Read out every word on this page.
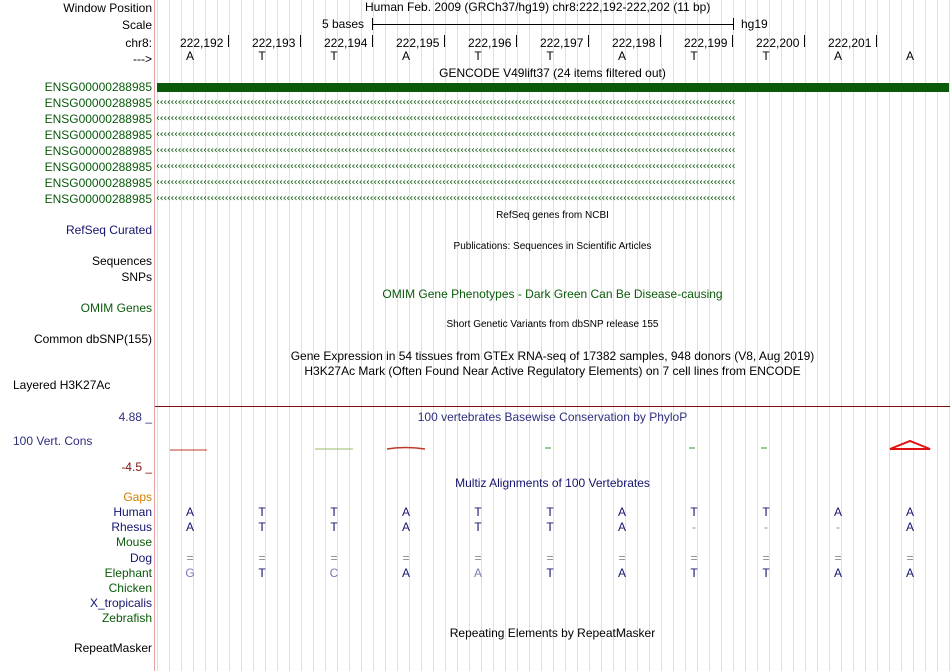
Window Position
Scale
chr8:
--->
Human Feb. 2009 (GRCh37/hg19) chr8:222,192-222,202 (11 bp)
5 bases	hg19
222,192 222,193 222,194 222,195 222,196 222,197 222,198 222,199 222,200 222,201
A	T	T	A	T	T	A	T	T	A	A
GENCODE V49lift37 (24 items filtered out)
ENSG00000288985
ENSG00000288985 ‹‹‹‹‹‹‹‹‹‹‹‹‹‹‹‹‹‹‹‹‹‹‹‹‹‹‹‹‹‹‹‹‹‹‹‹‹‹‹‹‹‹‹‹‹‹‹‹‹‹‹‹‹‹‹‹‹‹‹‹‹‹‹‹‹‹‹‹‹‹‹‹‹‹‹‹‹‹‹‹‹‹‹‹‹‹‹‹‹‹‹‹‹‹‹‹‹‹‹‹‹‹‹‹‹‹‹‹‹‹‹‹‹‹‹‹‹‹‹‹‹‹‹‹‹‹‹‹‹‹‹‹‹‹‹‹‹‹‹‹‹‹‹‹‹‹‹‹‹‹‹‹‹‹‹‹‹‹‹‹
ENSG00000288985 ‹‹‹‹‹‹‹‹‹‹‹‹‹‹‹‹‹‹‹‹‹‹‹‹‹‹‹‹‹‹‹‹‹‹‹‹‹‹‹‹‹‹‹‹‹‹‹‹‹‹‹‹‹‹‹‹‹‹‹‹‹‹‹‹‹‹‹‹‹‹‹‹‹‹‹‹‹‹‹‹‹‹‹‹‹‹‹‹‹‹‹‹‹‹‹‹‹‹‹‹‹‹‹‹‹‹‹‹‹‹‹‹‹‹‹‹‹‹‹‹‹‹‹‹‹‹‹‹‹‹‹‹‹‹‹‹‹‹‹‹‹‹‹‹‹‹‹‹‹‹‹‹‹‹‹‹‹‹‹‹
ENSG00000288985 ‹‹‹‹‹‹‹‹‹‹‹‹‹‹‹‹‹‹‹‹‹‹‹‹‹‹‹‹‹‹‹‹‹‹‹‹‹‹‹‹‹‹‹‹‹‹‹‹‹‹‹‹‹‹‹‹‹‹‹‹‹‹‹‹‹‹‹‹‹‹‹‹‹‹‹‹‹‹‹‹‹‹‹‹‹‹‹‹‹‹‹‹‹‹‹‹‹‹‹‹‹‹‹‹‹‹‹‹‹‹‹‹‹‹‹‹‹‹‹‹‹‹‹‹‹‹‹‹‹‹‹‹‹‹‹‹‹‹‹‹‹‹‹‹‹‹‹‹‹‹‹‹‹‹‹‹‹‹‹‹
ENSG00000288985 ‹‹‹‹‹‹‹‹‹‹‹‹‹‹‹‹‹‹‹‹‹‹‹‹‹‹‹‹‹‹‹‹‹‹‹‹‹‹‹‹‹‹‹‹‹‹‹‹‹‹‹‹‹‹‹‹‹‹‹‹‹‹‹‹‹‹‹‹‹‹‹‹‹‹‹‹‹‹‹‹‹‹‹‹‹‹‹‹‹‹‹‹‹‹‹‹‹‹‹‹‹‹‹‹‹‹‹‹‹‹‹‹‹‹‹‹‹‹‹‹‹‹‹‹‹‹‹‹‹‹‹‹‹‹‹‹‹‹‹‹‹‹‹‹‹‹‹‹‹‹‹‹‹‹‹‹‹‹‹‹
ENSG00000288985 ‹‹‹‹‹‹‹‹‹‹‹‹‹‹‹‹‹‹‹‹‹‹‹‹‹‹‹‹‹‹‹‹‹‹‹‹‹‹‹‹‹‹‹‹‹‹‹‹‹‹‹‹‹‹‹‹‹‹‹‹‹‹‹‹‹‹‹‹‹‹‹‹‹‹‹‹‹‹‹‹‹‹‹‹‹‹‹‹‹‹‹‹‹‹‹‹‹‹‹‹‹‹‹‹‹‹‹‹‹‹‹‹‹‹‹‹‹‹‹‹‹‹‹‹‹‹‹‹‹‹‹‹‹‹‹‹‹‹‹‹‹‹‹‹‹‹‹‹‹‹‹‹‹‹‹‹‹‹‹‹
ENSG00000288985 ‹‹‹‹‹‹‹‹‹‹‹‹‹‹‹‹‹‹‹‹‹‹‹‹‹‹‹‹‹‹‹‹‹‹‹‹‹‹‹‹‹‹‹‹‹‹‹‹‹‹‹‹‹‹‹‹‹‹‹‹‹‹‹‹‹‹‹‹‹‹‹‹‹‹‹‹‹‹‹‹‹‹‹‹‹‹‹‹‹‹‹‹‹‹‹‹‹‹‹‹‹‹‹‹‹‹‹‹‹‹‹‹‹‹‹‹‹‹‹‹‹‹‹‹‹‹‹‹‹‹‹‹‹‹‹‹‹‹‹‹‹‹‹‹‹‹‹‹‹‹‹‹‹‹‹‹‹‹‹‹
ENSG00000288985 ‹‹‹‹‹‹‹‹‹‹‹‹‹‹‹‹‹‹‹‹‹‹‹‹‹‹‹‹‹‹‹‹‹‹‹‹‹‹‹‹‹‹‹‹‹‹‹‹‹‹‹‹‹‹‹‹‹‹‹‹‹‹‹‹‹‹‹‹‹‹‹‹‹‹‹‹‹‹‹‹‹‹‹‹‹‹‹‹‹‹‹‹‹‹‹‹‹‹‹‹‹‹‹‹‹‹‹‹‹‹‹‹‹‹‹‹‹‹‹‹‹‹‹‹‹‹‹‹‹‹‹‹‹‹‹‹‹‹‹‹‹‹‹‹‹‹‹‹‹‹‹‹‹‹‹‹‹‹‹‹
RefSeq genes from NCBI
RefSeq Curated
Publications: Sequences in Scientific Articles
Sequences
SNPs
OMIM Gene Phenotypes - Dark Green Can Be Disease-causing
OMIM Genes
Short Genetic Variants from dbSNP release 155
Common dbSNP(155)
Gene Expression in 54 tissues from GTEx RNA-seq of 17382 samples, 948 donors (V8, Aug 2019)
H3K27Ac Mark (Often Found Near Active Regulatory Elements) on 7 cell lines from ENCODE
Layered H3K27Ac
4.88 _	100 vertebrates Basewise Conservation by PhyloP
100 Vert. Cons
-4.5 _
Multiz Alignments of 100 Vertebrates
Gaps
Human	A	T	T	A	T	T	A	T	T	A	A
Rhesus	A	T	T	A	T	T	A	-	-	-	A
Mouse
Dog	=	=	=	=	=	=	=	=	=	=	=
Elephant	G	T	C	A	A	T	A	T	T	A	A
Chicken
X_tropicalis
Zebrafish
Repeating Elements by RepeatMasker
RepeatMasker
